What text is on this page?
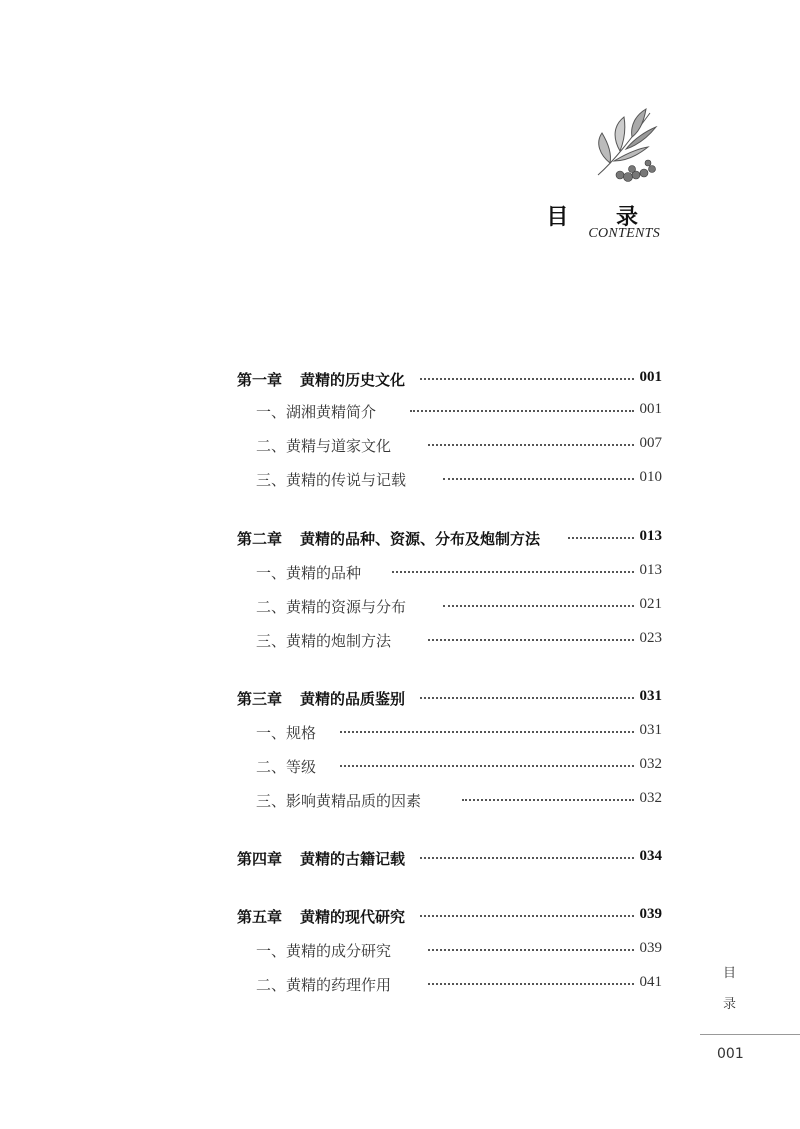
目 录
CONTENTS
第一章 黄精的历史文化	001
一、湖湘黄精简介	001
二、黄精与道家文化	007
三、黄精的传说与记载	010
第二章 黄精的品种、资源、分布及炮制方法	013
一、黄精的品种	013
二、黄精的资源与分布	021
三、黄精的炮制方法	023
第三章 黄精的品质鉴别	031
一、规格	031
二、等级	032
三、影响黄精品质的因素	032
第四章 黄精的古籍记载	034
第五章 黄精的现代研究	039
一、黄精的成分研究	039
二、黄精的药理作用	041
目
录
001
